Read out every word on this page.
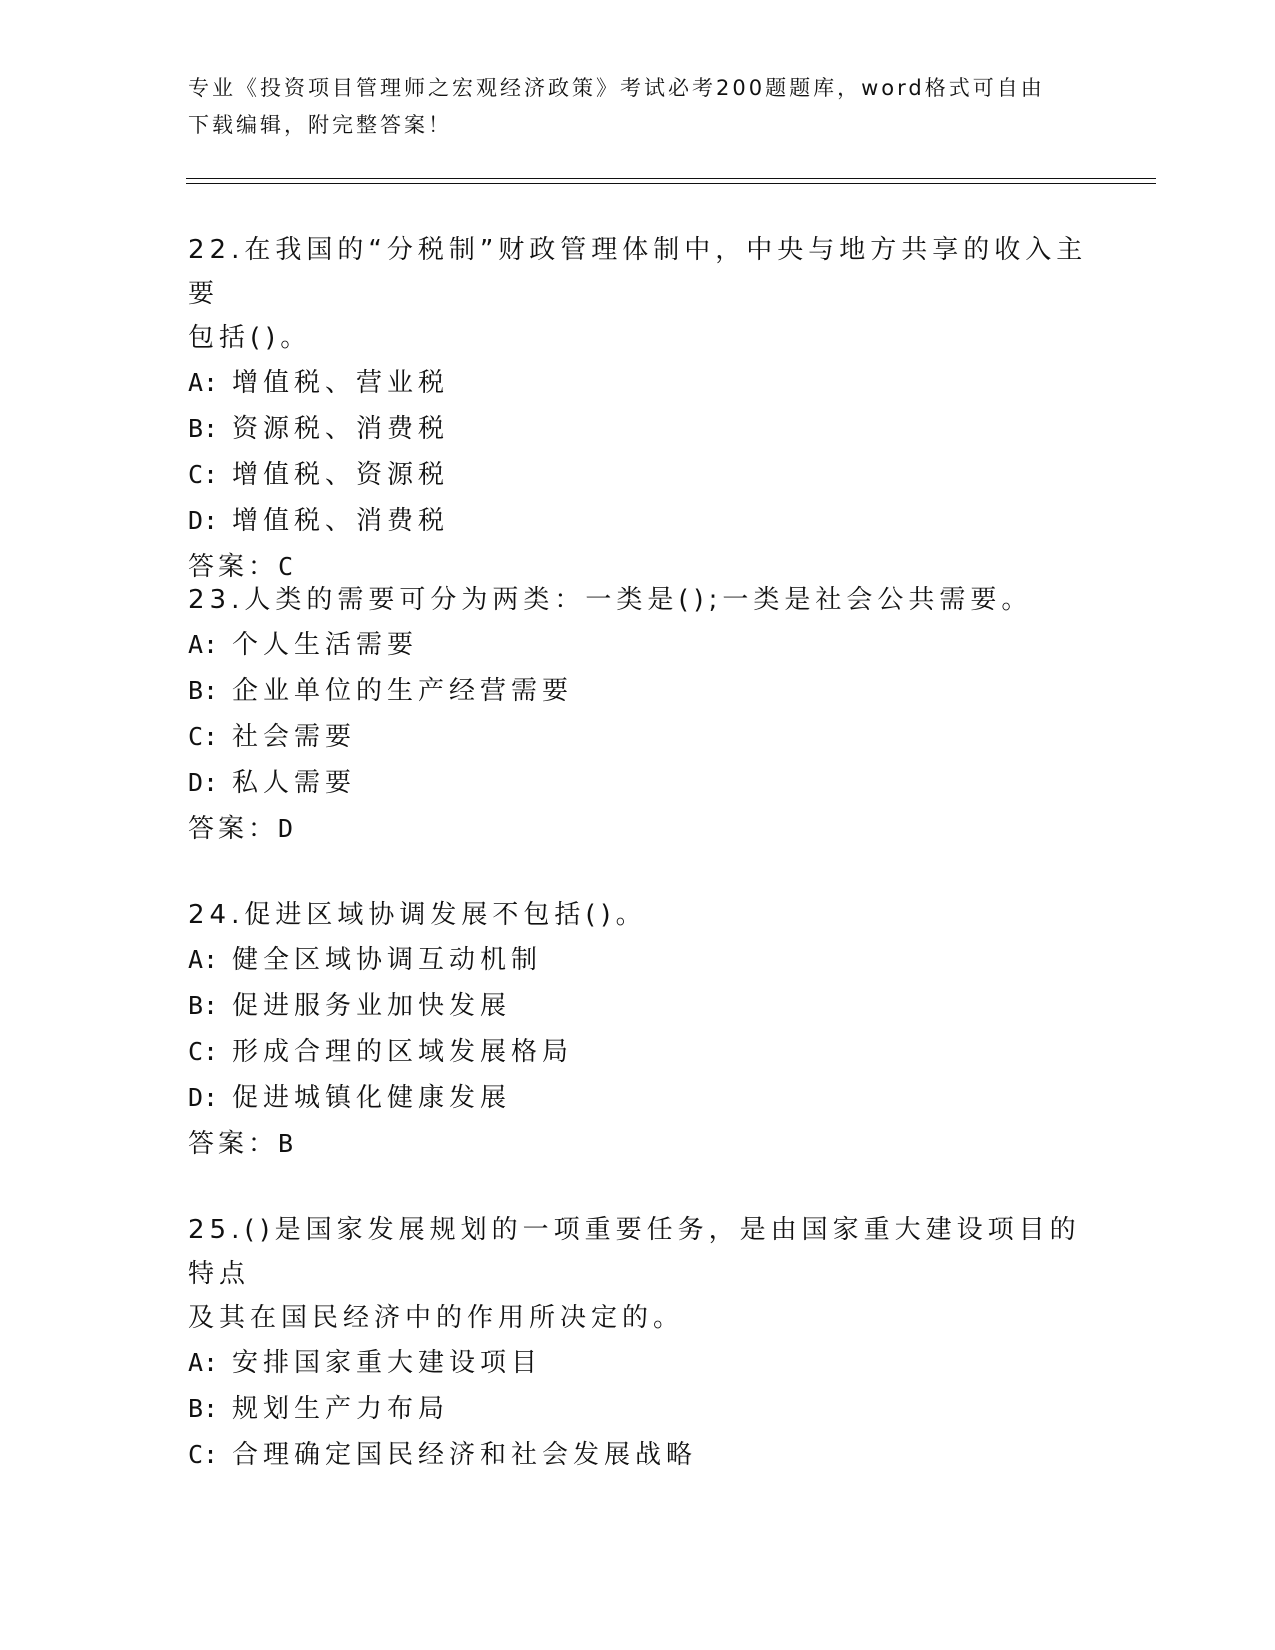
专业《投资项目管理师之宏观经济政策》考试必考200题题库，word格式可自由
下载编辑，附完整答案！
22.在我国的“分税制”财政管理体制中，中央与地方共享的收入主要
包括()。
A: 增值税、营业税
B: 资源税、消费税
C: 增值税、资源税
D: 增值税、消费税
答案：C
23.人类的需要可分为两类：一类是();一类是社会公共需要。
A: 个人生活需要
B: 企业单位的生产经营需要
C: 社会需要
D: 私人需要
答案：D
24.促进区域协调发展不包括()。
A: 健全区域协调互动机制
B: 促进服务业加快发展
C: 形成合理的区域发展格局
D: 促进城镇化健康发展
答案：B
25.()是国家发展规划的一项重要任务，是由国家重大建设项目的特点
及其在国民经济中的作用所决定的。
A: 安排国家重大建设项目
B: 规划生产力布局
C: 合理确定国民经济和社会发展战略
